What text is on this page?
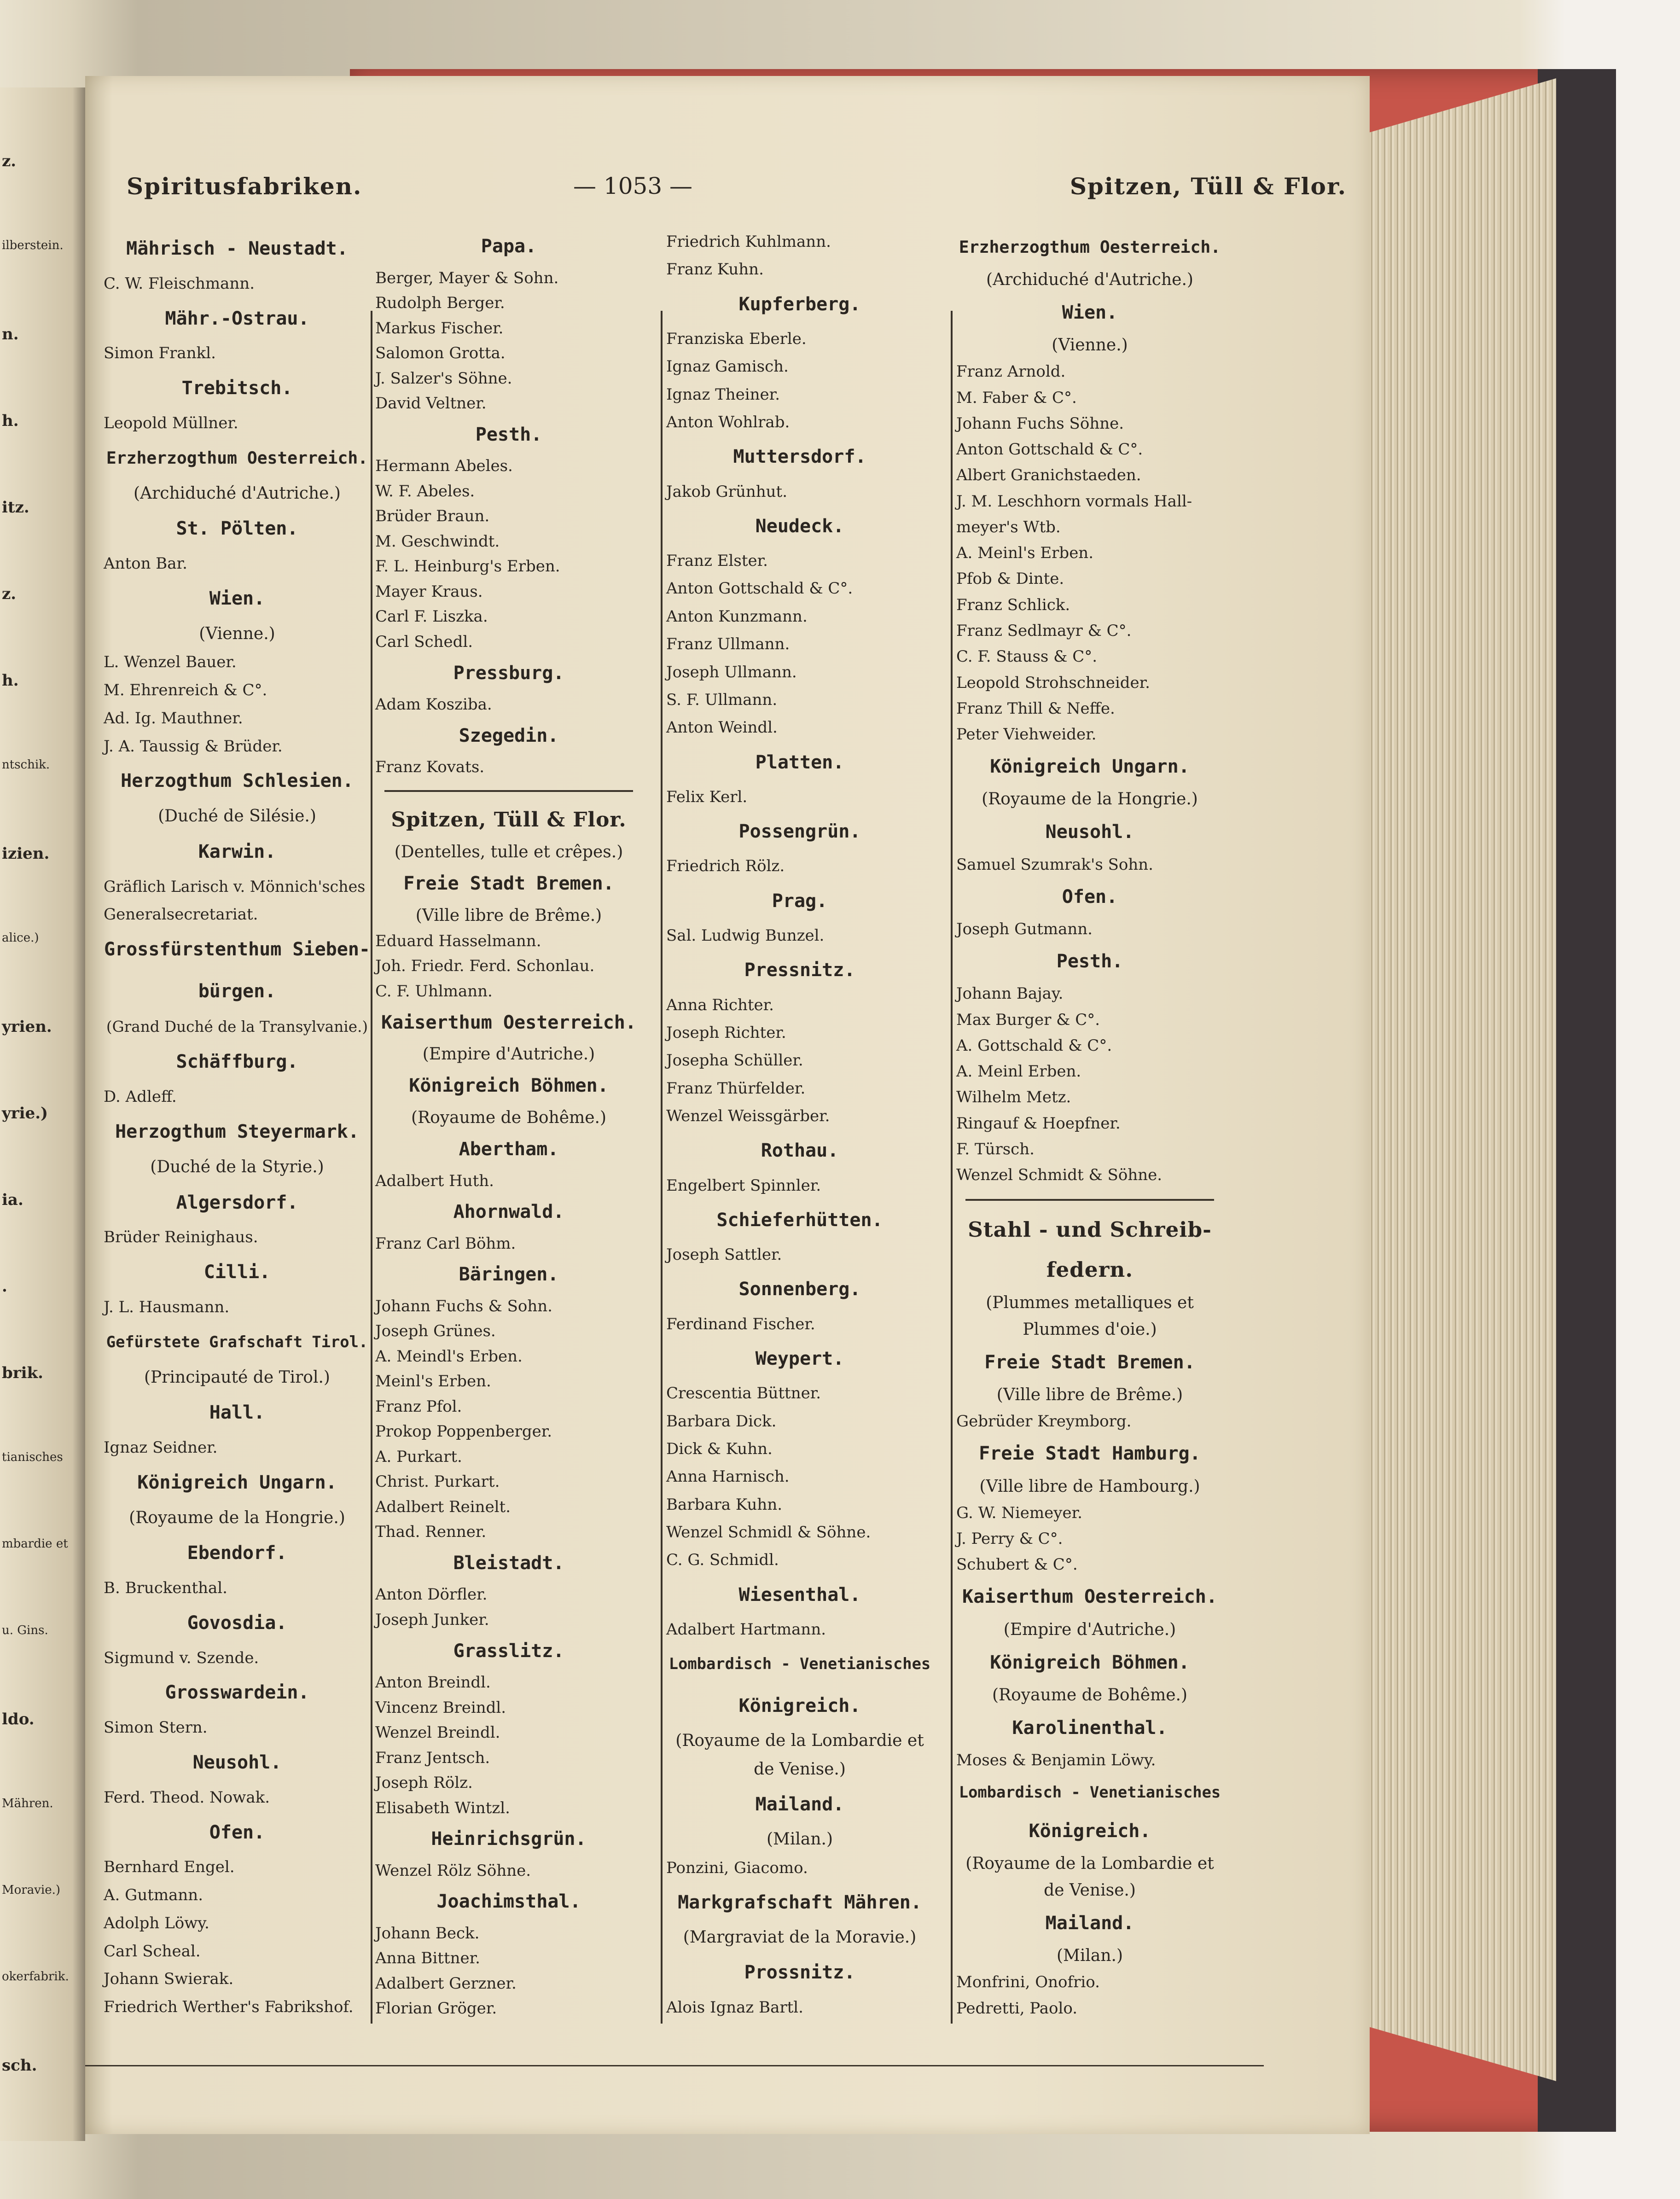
z.
ilberstein.
n.
h.
itz.
z.
h.
ntschik.
izien.
alice.)
yrien.
yrie.)
ia.
.
brik.
tianisches
mbardie et
u. Gins.
ldo.
Mähren.
Moravie.)
okerfabrik.
sch.
Spiritusfabriken.	— 1053 —	Spitzen, Tüll & Flor.
Mährisch - Neustadt.
C. W. Fleischmann.
Mähr.-Ostrau.
Simon Frankl.
Trebitsch.
Leopold Müllner.
Erzherzogthum Oesterreich.
(Archiduché d'Autriche.)
St. Pölten.
Anton Bar.
Wien.
(Vienne.)
L. Wenzel Bauer.
M. Ehrenreich & C°.
Ad. Ig. Mauthner.
J. A. Taussig & Brüder.
Herzogthum Schlesien.
(Duché de Silésie.)
Karwin.
Gräflich Larisch v. Mönnich'sches
Generalsecretariat.
Grossfürstenthum Sieben-
bürgen.
(Grand Duché de la Transylvanie.)
Schäffburg.
D. Adleff.
Herzogthum Steyermark.
(Duché de la Styrie.)
Algersdorf.
Brüder Reinighaus.
Cilli.
J. L. Hausmann.
Gefürstete Grafschaft Tirol.
(Principauté de Tirol.)
Hall.
Ignaz Seidner.
Königreich Ungarn.
(Royaume de la Hongrie.)
Ebendorf.
B. Bruckenthal.
Govosdia.
Sigmund v. Szende.
Grosswardein.
Simon Stern.
Neusohl.
Ferd. Theod. Nowak.
Ofen.
Bernhard Engel.
A. Gutmann.
Adolph Löwy.
Carl Scheal.
Johann Swierak.
Friedrich Werther's Fabrikshof.
Papa.
Berger, Mayer & Sohn.
Rudolph Berger.
Markus Fischer.
Salomon Grotta.
J. Salzer's Söhne.
David Veltner.
Pesth.
Hermann Abeles.
W. F. Abeles.
Brüder Braun.
M. Geschwindt.
F. L. Heinburg's Erben.
Mayer Kraus.
Carl F. Liszka.
Carl Schedl.
Pressburg.
Adam Kosziba.
Szegedin.
Franz Kovats.
Spitzen, Tüll & Flor.
(Dentelles, tulle et crêpes.)
Freie Stadt Bremen.
(Ville libre de Brême.)
Eduard Hasselmann.
Joh. Friedr. Ferd. Schonlau.
C. F. Uhlmann.
Kaiserthum Oesterreich.
(Empire d'Autriche.)
Königreich Böhmen.
(Royaume de Bohême.)
Abertham.
Adalbert Huth.
Ahornwald.
Franz Carl Böhm.
Bäringen.
Johann Fuchs & Sohn.
Joseph Grünes.
A. Meindl's Erben.
Meinl's Erben.
Franz Pfol.
Prokop Poppenberger.
A. Purkart.
Christ. Purkart.
Adalbert Reinelt.
Thad. Renner.
Bleistadt.
Anton Dörfler.
Joseph Junker.
Grasslitz.
Anton Breindl.
Vincenz Breindl.
Wenzel Breindl.
Franz Jentsch.
Joseph Rölz.
Elisabeth Wintzl.
Heinrichsgrün.
Wenzel Rölz Söhne.
Joachimsthal.
Johann Beck.
Anna Bittner.
Adalbert Gerzner.
Florian Gröger.
Friedrich Kuhlmann.
Franz Kuhn.
Kupferberg.
Franziska Eberle.
Ignaz Gamisch.
Ignaz Theiner.
Anton Wohlrab.
Muttersdorf.
Jakob Grünhut.
Neudeck.
Franz Elster.
Anton Gottschald & C°.
Anton Kunzmann.
Franz Ullmann.
Joseph Ullmann.
S. F. Ullmann.
Anton Weindl.
Platten.
Felix Kerl.
Possengrün.
Friedrich Rölz.
Prag.
Sal. Ludwig Bunzel.
Pressnitz.
Anna Richter.
Joseph Richter.
Josepha Schüller.
Franz Thürfelder.
Wenzel Weissgärber.
Rothau.
Engelbert Spinnler.
Schieferhütten.
Joseph Sattler.
Sonnenberg.
Ferdinand Fischer.
Weypert.
Crescentia Büttner.
Barbara Dick.
Dick & Kuhn.
Anna Harnisch.
Barbara Kuhn.
Wenzel Schmidl & Söhne.
C. G. Schmidl.
Wiesenthal.
Adalbert Hartmann.
Lombardisch - Venetianisches
Königreich.
(Royaume de la Lombardie et
de Venise.)
Mailand.
(Milan.)
Ponzini, Giacomo.
Markgrafschaft Mähren.
(Margraviat de la Moravie.)
Prossnitz.
Alois Ignaz Bartl.
Erzherzogthum Oesterreich.
(Archiduché d'Autriche.)
Wien.
(Vienne.)
Franz Arnold.
M. Faber & C°.
Johann Fuchs Söhne.
Anton Gottschald & C°.
Albert Granichstaeden.
J. M. Leschhorn vormals Hall-
meyer's Wtb.
A. Meinl's Erben.
Pfob & Dinte.
Franz Schlick.
Franz Sedlmayr & C°.
C. F. Stauss & C°.
Leopold Strohschneider.
Franz Thill & Neffe.
Peter Viehweider.
Königreich Ungarn.
(Royaume de la Hongrie.)
Neusohl.
Samuel Szumrak's Sohn.
Ofen.
Joseph Gutmann.
Pesth.
Johann Bajay.
Max Burger & C°.
A. Gottschald & C°.
A. Meinl Erben.
Wilhelm Metz.
Ringauf & Hoepfner.
F. Türsch.
Wenzel Schmidt & Söhne.
Stahl - und Schreib-
federn.
(Plummes metalliques et
Plummes d'oie.)
Freie Stadt Bremen.
(Ville libre de Brême.)
Gebrüder Kreymborg.
Freie Stadt Hamburg.
(Ville libre de Hambourg.)
G. W. Niemeyer.
J. Perry & C°.
Schubert & C°.
Kaiserthum Oesterreich.
(Empire d'Autriche.)
Königreich Böhmen.
(Royaume de Bohême.)
Karolinenthal.
Moses & Benjamin Löwy.
Lombardisch - Venetianisches
Königreich.
(Royaume de la Lombardie et
de Venise.)
Mailand.
(Milan.)
Monfrini, Onofrio.
Pedretti, Paolo.
